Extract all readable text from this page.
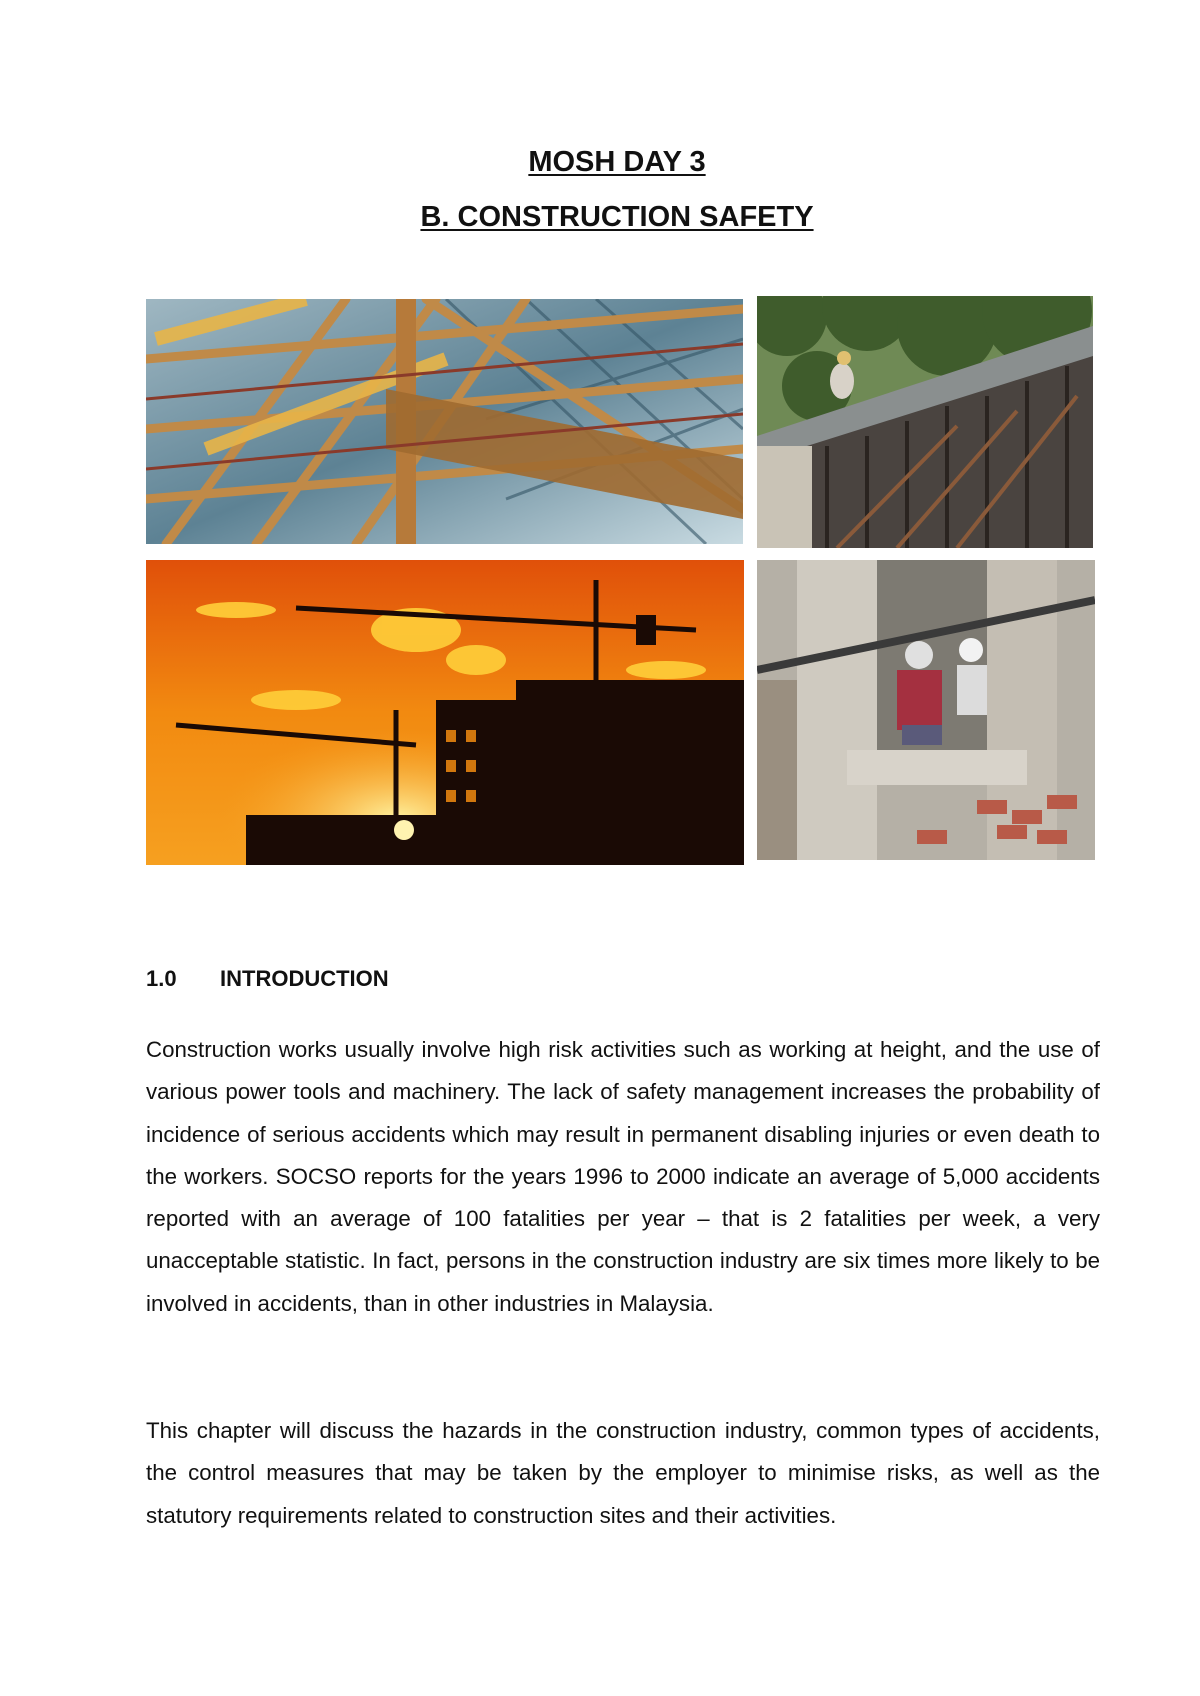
MOSH DAY 3
B. CONSTRUCTION SAFETY
1.0 INTRODUCTION

Construction works usually involve high risk activities such as working at height, and the use of various power tools and machinery. The lack of safety management increases the probability of incidence of serious accidents which may result in permanent disabling injuries or even death to the workers. SOCSO reports for the years 1996 to 2000 indicate an average of 5,000 accidents reported with an average of 100 fatalities per year – that is 2 fatalities per week, a very unacceptable statistic. In fact, persons in the construction industry are six times more likely to be involved in accidents, than in other industries in Malaysia.

This chapter will discuss the hazards in the construction industry, common types of accidents, the control measures that may be taken by the employer to minimise risks, as well as the statutory requirements related to construction sites and their activities.
